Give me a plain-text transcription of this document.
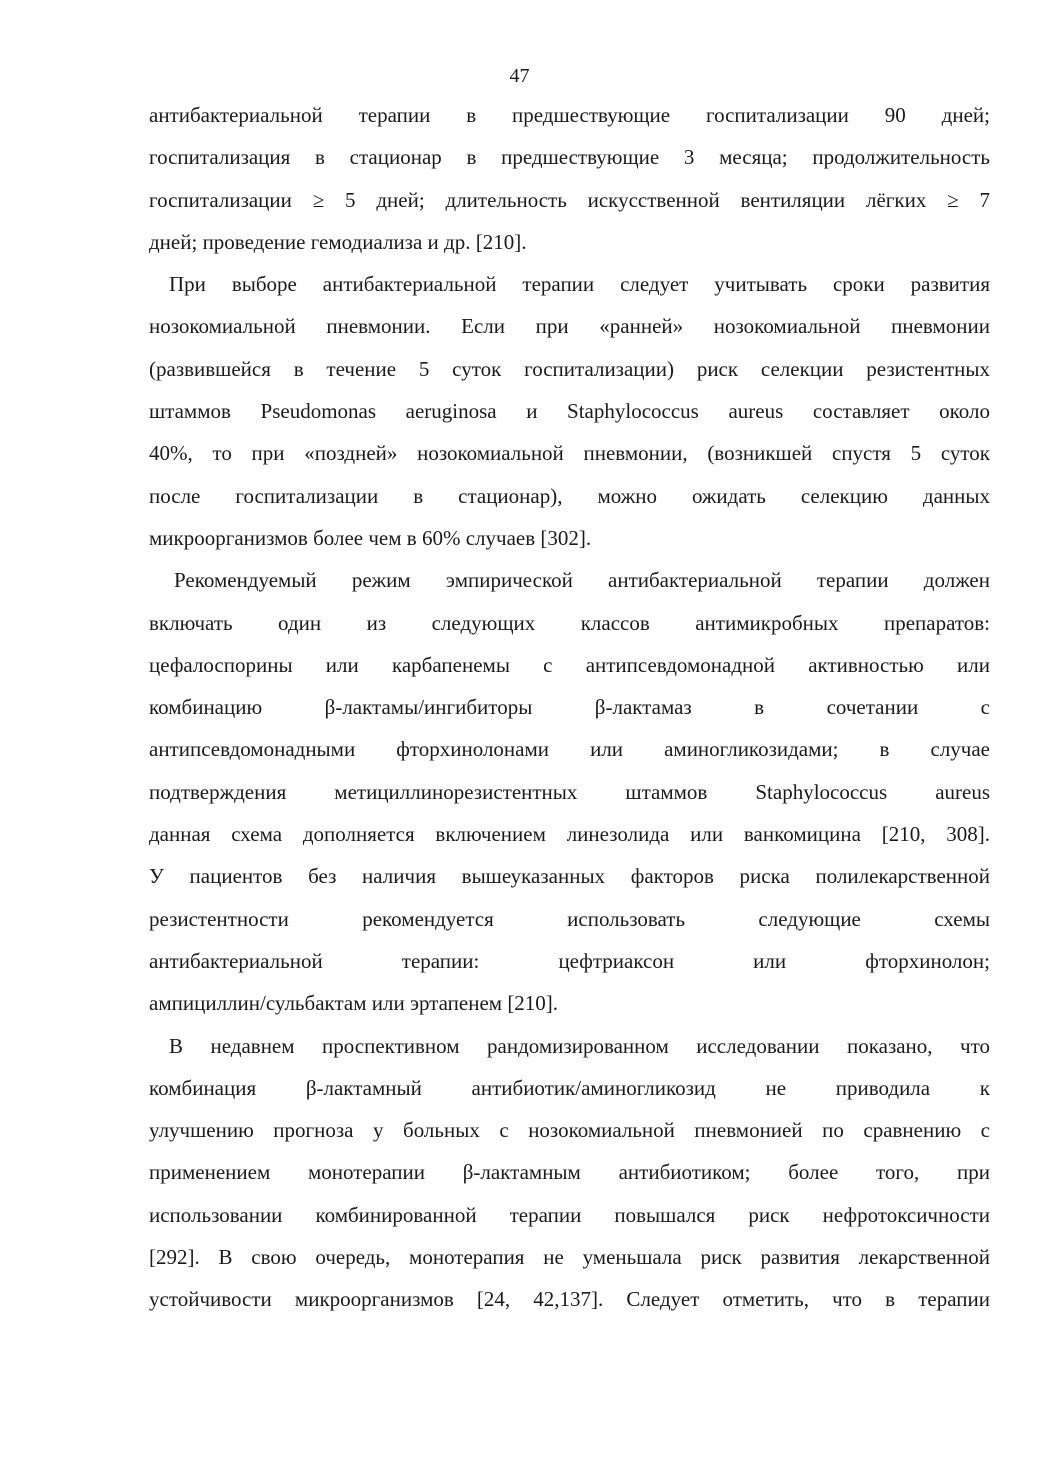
47
антибактериальной терапии в предшествующие госпитализации 90 дней;
госпитализация в стационар в предшествующие 3 месяца; продолжительность
госпитализации ≥ 5 дней; длительность искусственной вентиляции лёгких ≥ 7
дней; проведение гемодиализа и др. [210].
При выборе антибактериальной терапии следует учитывать сроки развития
нозокомиальной пневмонии. Если при «ранней» нозокомиальной пневмонии
(развившейся в течение 5 суток госпитализации) риск селекции резистентных
штаммов Pseudomonas aeruginosa и Staphylococcus aureus составляет около
40%, то при «поздней» нозокомиальной пневмонии, (возникшей спустя 5 суток
после госпитализации в стационар), можно ожидать селекцию данных
микроорганизмов более чем в 60% случаев [302].
Рекомендуемый режим эмпирической антибактериальной терапии должен
включать один из следующих классов антимикробных препаратов:
цефалоспорины или карбапенемы с антипсевдомонадной активностью или
комбинацию β-лактамы/ингибиторы β-лактамаз в сочетании с
антипсевдомонадными фторхинолонами или аминогликозидами; в случае
подтверждения метициллинорезистентных штаммов Staphylococcus aureus
данная схема дополняется включением линезолида или ванкомицина [210, 308].
У пациентов без наличия вышеуказанных факторов риска полилекарственной
резистентности рекомендуется использовать следующие схемы
антибактериальной терапии: цефтриаксон или фторхинолон;
ампициллин/сульбактам или эртапенем [210].
В недавнем проспективном рандомизированном исследовании показано, что
комбинация β-лактамный антибиотик/аминогликозид не приводила к
улучшению прогноза у больных с нозокомиальной пневмонией по сравнению с
применением монотерапии β-лактамным антибиотиком; более того, при
использовании комбинированной терапии повышался риск нефротоксичности
[292]. В свою очередь, монотерапия не уменьшала риск развития лекарственной
устойчивости микроорганизмов [24, 42,137]. Следует отметить, что в терапии
